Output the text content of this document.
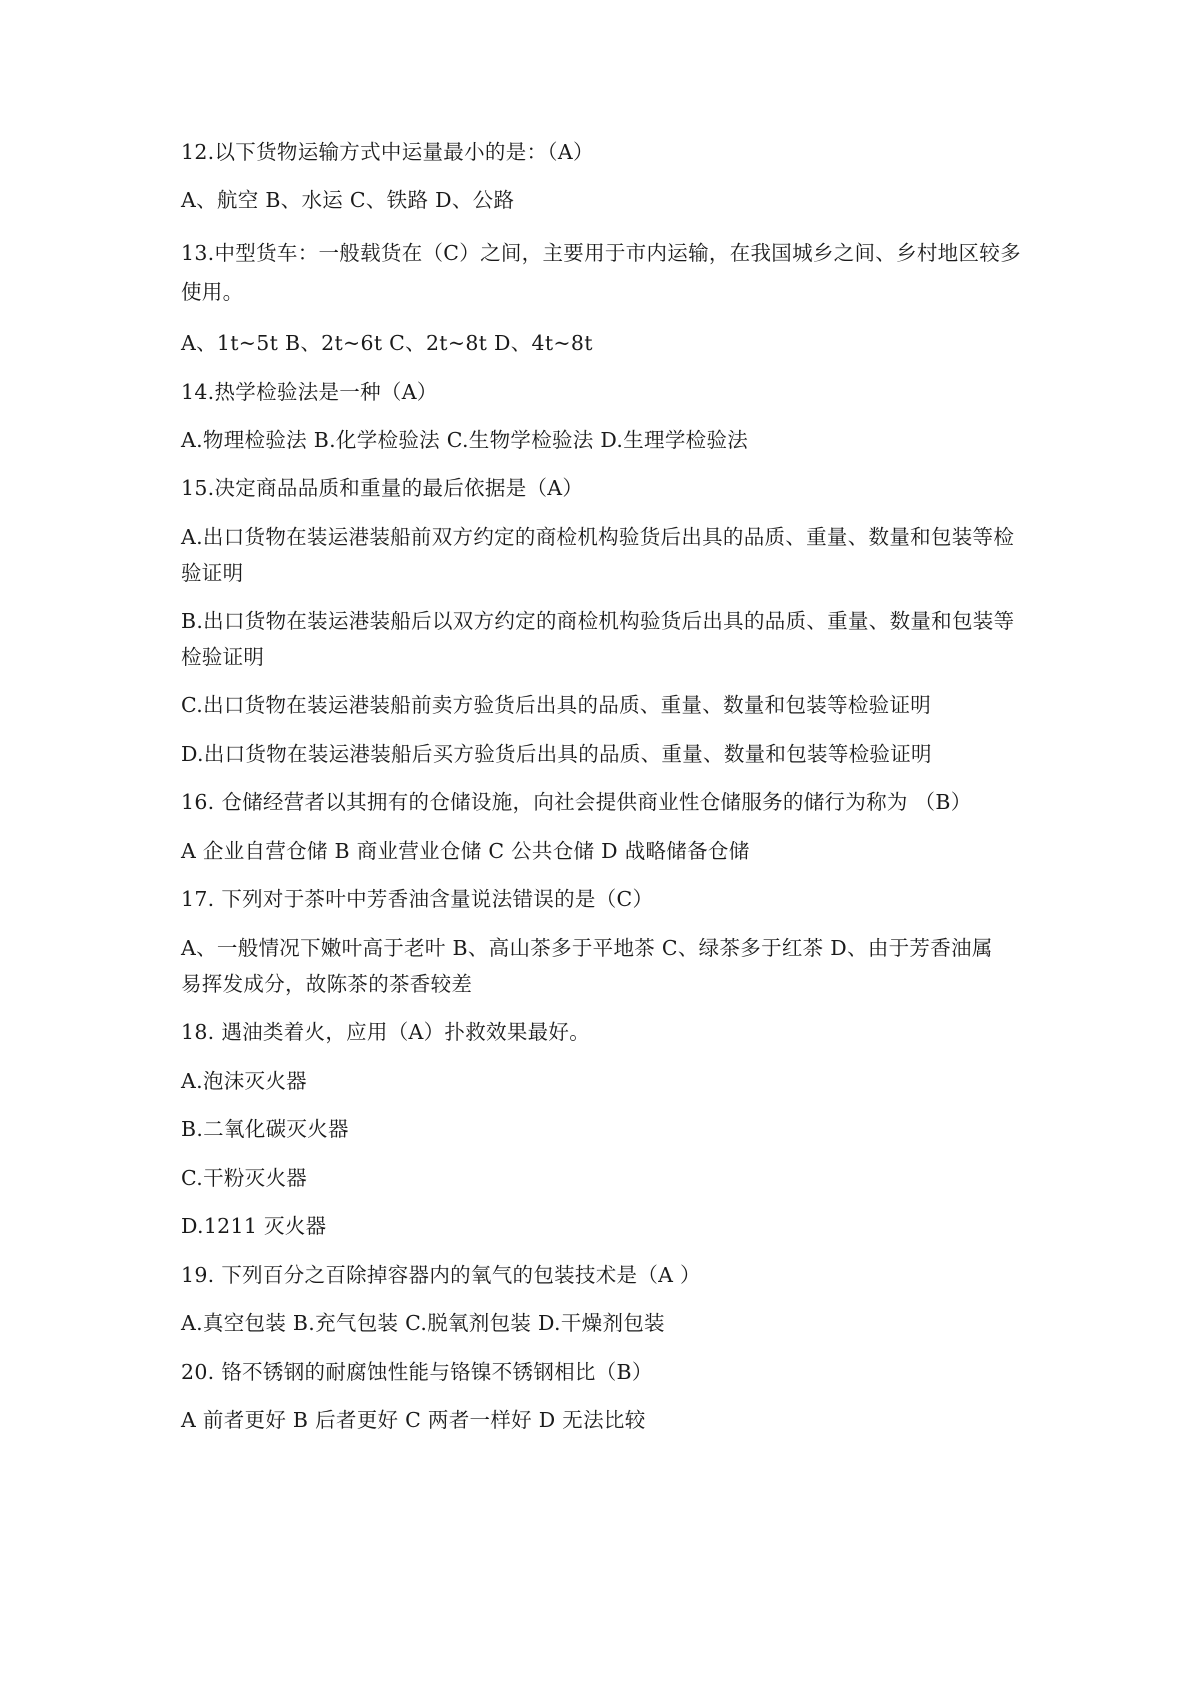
12.以下货物运输方式中运量最小的是：（A）
A、航空 B、水运 C、铁路 D、公路
13.中型货车：一般载货在（C）之间，主要用于市内运输，在我国城乡之间、乡村地区较多
使用。
A、1t~5t B、2t~6t C、2t~8t D、4t~8t
14.热学检验法是一种（A）
A.物理检验法 B.化学检验法 C.生物学检验法 D.生理学检验法
15.决定商品品质和重量的最后依据是（A）
A.出口货物在装运港装船前双方约定的商检机构验货后出具的品质、重量、数量和包装等检
验证明
B.出口货物在装运港装船后以双方约定的商检机构验货后出具的品质、重量、数量和包装等
检验证明
C.出口货物在装运港装船前卖方验货后出具的品质、重量、数量和包装等检验证明
D.出口货物在装运港装船后买方验货后出具的品质、重量、数量和包装等检验证明
16. 仓储经营者以其拥有的仓储设施，向社会提供商业性仓储服务的储行为称为 （B）
A 企业自营仓储 B 商业营业仓储 C 公共仓储 D 战略储备仓储
17. 下列对于茶叶中芳香油含量说法错误的是（C）
A、一般情况下嫩叶高于老叶 B、高山茶多于平地茶 C、绿茶多于红茶 D、由于芳香油属
易挥发成分，故陈茶的茶香较差
18. 遇油类着火，应用（A）扑救效果最好。
A.泡沫灭火器
B.二氧化碳灭火器
C.干粉灭火器
D.1211 灭火器
19. 下列百分之百除掉容器内的氧气的包装技术是（A ）
A.真空包装 B.充气包装 C.脱氧剂包装 D.干燥剂包装
20. 铬不锈钢的耐腐蚀性能与铬镍不锈钢相比（B）
A 前者更好 B 后者更好 C 两者一样好 D 无法比较
